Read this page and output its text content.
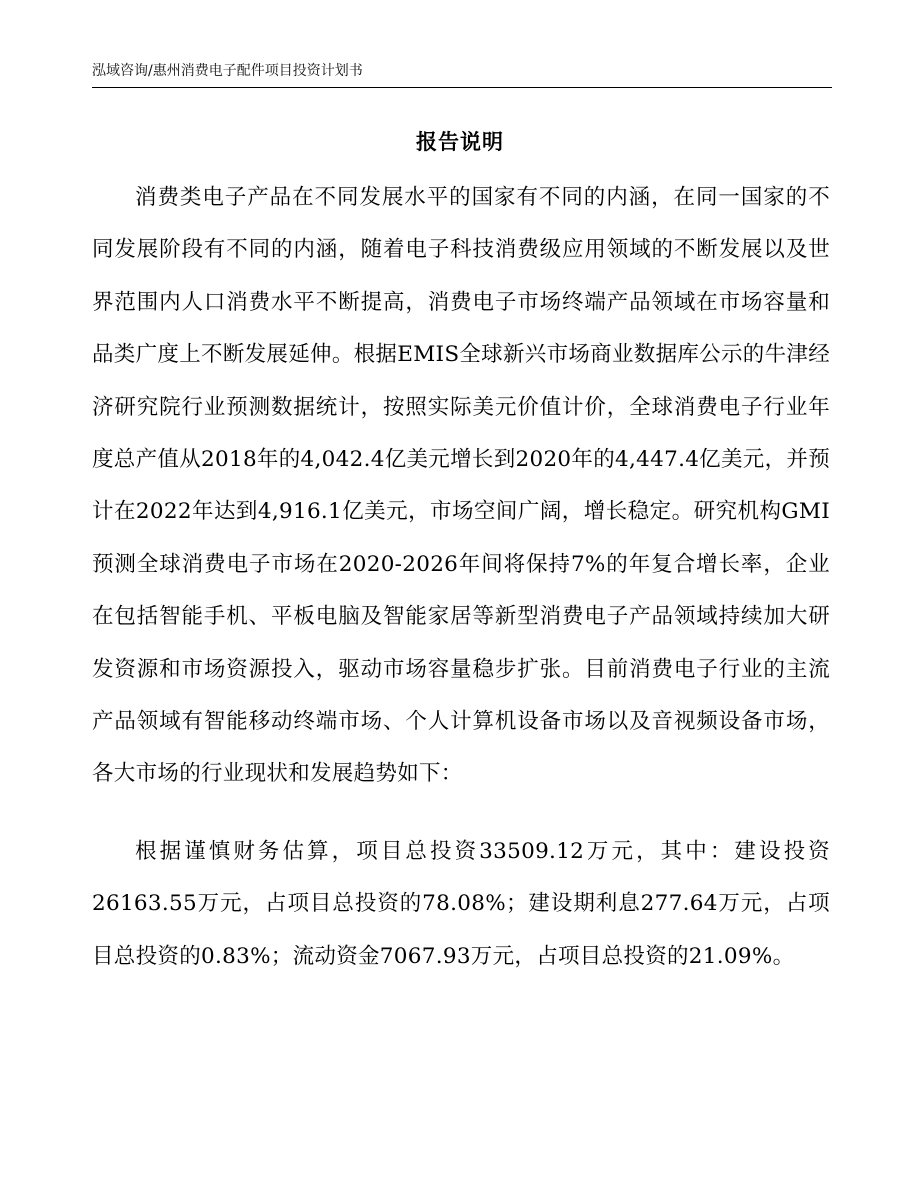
泓域咨询/惠州消费电子配件项目投资计划书
报告说明

消费类电子产品在不同发展水平的国家有不同的内涵，在同一国家的不同发展阶段有不同的内涵，随着电子科技消费级应用领域的不断发展以及世界范围内人口消费水平不断提高，消费电子市场终端产品领域在市场容量和品类广度上不断发展延伸。根据EMIS全球新兴市场商业数据库公示的牛津经济研究院行业预测数据统计，按照实际美元价值计价，全球消费电子行业年度总产值从2018年的4,042.4亿美元增长到2020年的4,447.4亿美元，并预计在2022年达到4,916.1亿美元，市场空间广阔，增长稳定。研究机构GMI预测全球消费电子市场在2020-2026年间将保持7%的年复合增长率，企业在包括智能手机、平板电脑及智能家居等新型消费电子产品领域持续加大研发资源和市场资源投入，驱动市场容量稳步扩张。目前消费电子行业的主流产品领域有智能移动终端市场、个人计算机设备市场以及音视频设备市场，各大市场的行业现状和发展趋势如下：

根据谨慎财务估算，项目总投资33509.12万元，其中：建设投资26163.55万元，占项目总投资的78.08%；建设期利息277.64万元，占项目总投资的0.83%；流动资金7067.93万元，占项目总投资的21.09%。
